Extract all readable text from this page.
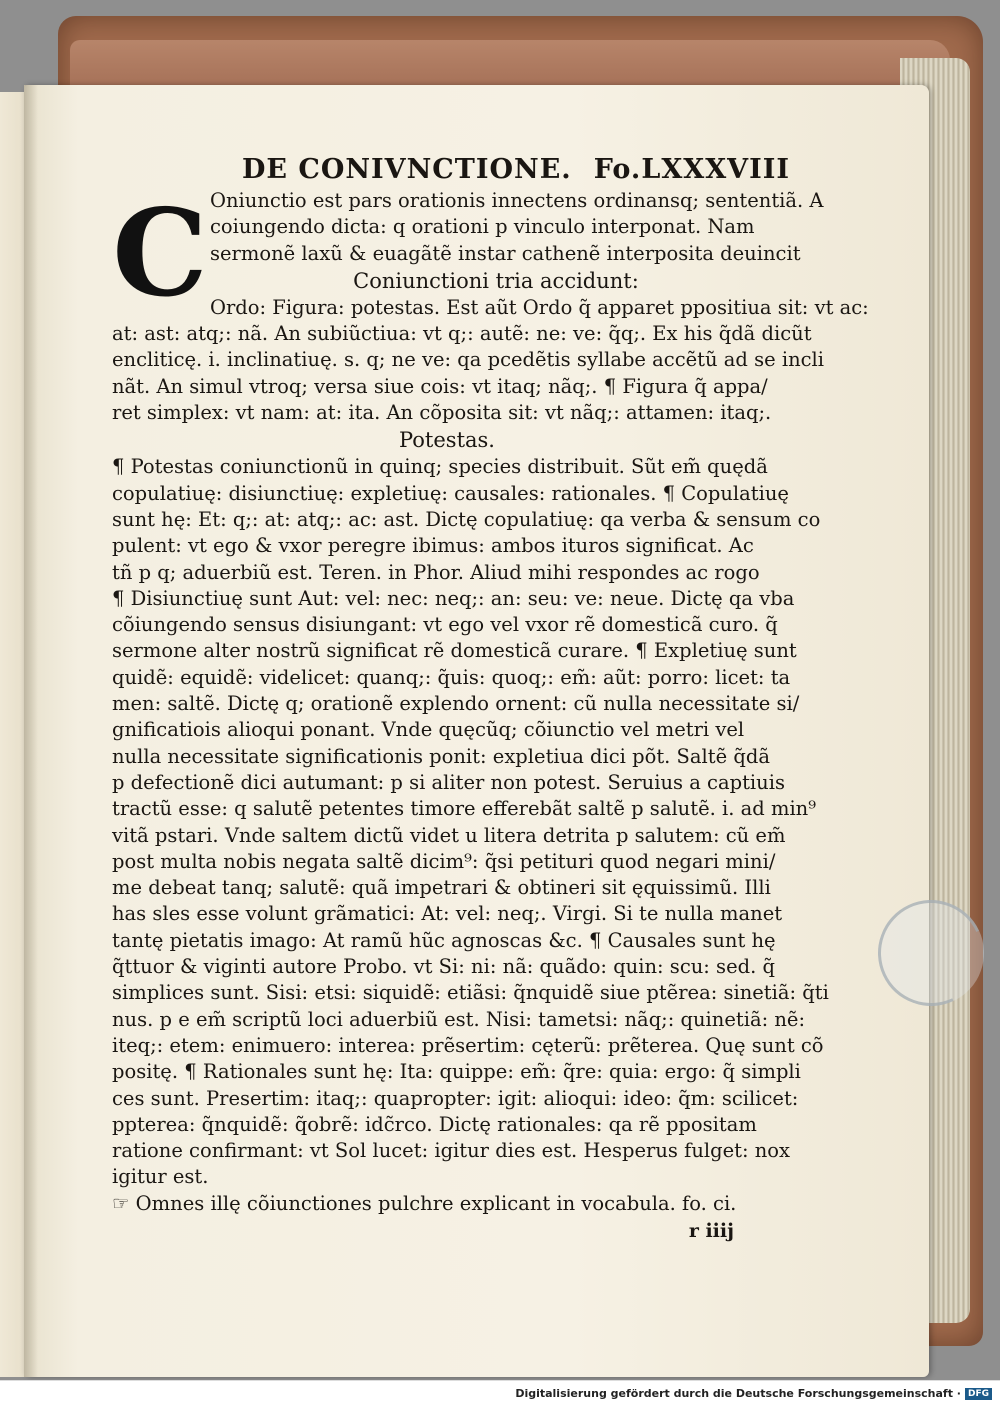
DE CONIVNCTIONE. Fo.LXXXVIII
C Oniunctio est pars orationis innectens ordinansq; sententiã. A
coiungendo dicta: q orationi p vinculo interponat. Nam
sermonẽ laxũ & euagãtẽ instar cathenẽ interposita deuincit
Coniunctioni tria accidunt:
Ordo: Figura: potestas. Est aũt Ordo q̃ apparet ppositiua sit: vt ac:
at: ast: atq;: nã. An subiũctiua: vt q;: autẽ: ne: ve: q̃q;. Ex his q̃dã dicũt
encliticę. i. inclinatiuę. s. q; ne ve: qa pcedẽtis syllabe accẽtũ ad se incli
nãt. An simul vtroq; versa siue cois: vt itaq; nãq;. ¶ Figura q̃ appa/
ret simplex: vt nam: at: ita. An cõposita sit: vt nãq;: attamen: itaq;.
Potestas.
¶ Potestas coniunctionũ in quinq; species distribuit. Sũt em̃ quędã
copulatiuę: disiunctiuę: expletiuę: causales: rationales. ¶ Copulatiuę
sunt hę: Et: q;: at: atq;: ac: ast. Dictę copulatiuę: qa verba & sensum co
pulent: vt ego & vxor peregre ibimus: ambos ituros significat. Ac
tñ p q; aduerbiũ est. Teren. in Phor. Aliud mihi respondes ac rogo
¶ Disiunctiuę sunt Aut: vel: nec: neq;: an: seu: ve: neue. Dictę qa vba
cõiungendo sensus disiungant: vt ego vel vxor rẽ domesticã curo. q̃
sermone alter nostrũ significat rẽ domesticã curare. ¶ Expletiuę sunt
quidẽ: equidẽ: videlicet: quanq;: q̃uis: quoq;: em̃: aũt: porro: licet: ta
men: saltẽ. Dictę q; orationẽ explendo ornent: cũ nulla necessitate si/
gnificatiois alioqui ponant. Vnde quęcũq; cõiunctio vel metri vel
nulla necessitate significationis ponit: expletiua dici põt. Saltẽ q̃dã
p defectionẽ dici autumant: p si aliter non potest. Seruius a captiuis
tractũ esse: q salutẽ petentes timore efferebãt saltẽ p salutẽ. i. ad min⁹
vitã pstari. Vnde saltem dictũ videt u litera detrita p salutem: cũ em̃
post multa nobis negata saltẽ dicim⁹: q̃si petituri quod negari mini/
me debeat tanq; salutẽ: quã impetrari & obtineri sit ęquissimũ. Illi
has sles esse volunt grãmatici: At: vel: neq;. Virgi. Si te nulla manet
tantę pietatis imago: At ramũ hũc agnoscas &c. ¶ Causales sunt hę
q̃ttuor & viginti autore Probo. vt Si: ni: nã: quãdo: quin: scu: sed. q̃
simplices sunt. Sisi: etsi: siquidẽ: etiãsi: q̃nquidẽ siue ptẽrea: sinetiã: q̃ti
nus. p e em̃ scriptũ loci aduerbiũ est. Nisi: tametsi: nãq;: quinetiã: nẽ:
iteq;: etem: enimuero: interea: prẽsertim: cęterũ: prẽterea. Quę sunt cõ
positę. ¶ Rationales sunt hę: Ita: quippe: em̃: q̃re: quia: ergo: q̃ simpli
ces sunt. Presertim: itaq;: quapropter: igit: alioqui: ideo: q̃m: scilicet:
ppterea: q̃nquidẽ: q̃obrẽ: idc̃rco. Dictę rationales: qa rẽ ppositam
ratione confirmant: vt Sol lucet: igitur dies est. Hesperus fulget: nox
igitur est.
☞ Omnes illę cõiunctiones pulchre explicant in vocabula. fo. ci.
r iiij
Digitalisierung gefördert durch die Deutsche Forschungsgemeinschaft · DFG
